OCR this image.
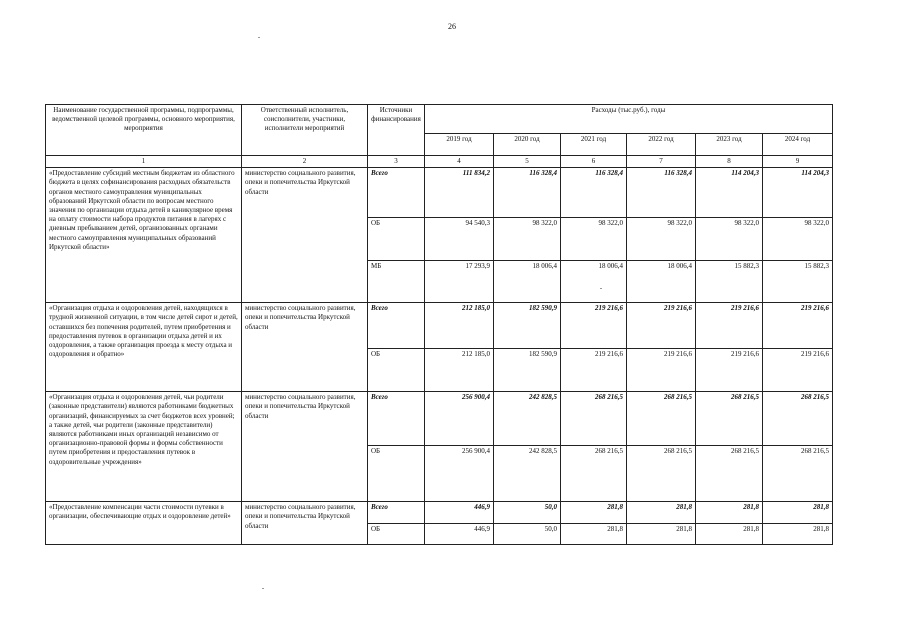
26
Наименование государственной программы, подпрограммы, ведомственной целевой программы, основного мероприятия, мероприятия	Ответственный исполнитель, соисполнители, участники, исполнители мероприятий	Источники финансирования	Расходы (тыс.руб.), годы					
			2019 год	2020 год	2021 год	2022 год	2023 год	2024 год
1	2	3	4	5	6	7	8	9
«Предоставление субсидий местным бюджетам из областного бюджета в целях софинансирования расходных обязательств органов местного самоуправления муниципальных образований Иркутской области по вопросам местного значения по организации отдыха детей в каникулярное время на оплату стоимости набора продуктов питания в лагерях с дневным пребыванием детей, организованных органами местного самоуправления муниципальных образований Иркутской области»	министерство социального развития, опеки и попечительства Иркутской области	Всего	111 834,2	116 328,4	116 328,4	116 328,4	114 204,3	114 204,3
		ОБ	94 540,3	98 322,0	98 322,0	98 322,0	98 322,0	98 322,0
		МБ	17 293,9	18 006,4	18 006,4	18 006,4	15 882,3	15 882,3
«Организация отдыха и оздоровления детей, находящихся в трудной жизненной ситуации, в том числе детей сирот и детей, оставшихся без попечения родителей, путем приобретения и предоставления путевок в организации отдыха детей и их оздоровления, а также организация проезда к месту отдыха и оздоровления и обратно»	министерство социального развития, опеки и попечительства Иркутской области	Всего	212 185,0	182 590,9	219 216,6	219 216,6	219 216,6	219 216,6
		ОБ	212 185,0	182 590,9	219 216,6	219 216,6	219 216,6	219 216,6
«Организация отдыха и оздоровления детей, чьи родители (законные представители) являются работниками бюджетных организаций, финансируемых за счет бюджетов всех уровней; а также детей, чьи родители (законные представители) являются работниками иных организаций независимо от организационно-правовой формы и формы собственности путем приобретения и предоставления путевок в оздоровительные учреждения»	министерство социального развития, опеки и попечительства Иркутской области	Всего	256 900,4	242 828,5	268 216,5	268 216,5	268 216,5	268 216,5
		ОБ	256 900,4	242 828,5	268 216,5	268 216,5	268 216,5	268 216,5
«Предоставление компенсации части стоимости путевки в организации, обеспечивающие отдых и оздоровление детей»	министерство социального развития, опеки и попечительства Иркутской области	Всего	446,9	50,0	281,8	281,8	281,8	281,8
		ОБ	446,9	50,0	281,8	281,8	281,8	281,8
